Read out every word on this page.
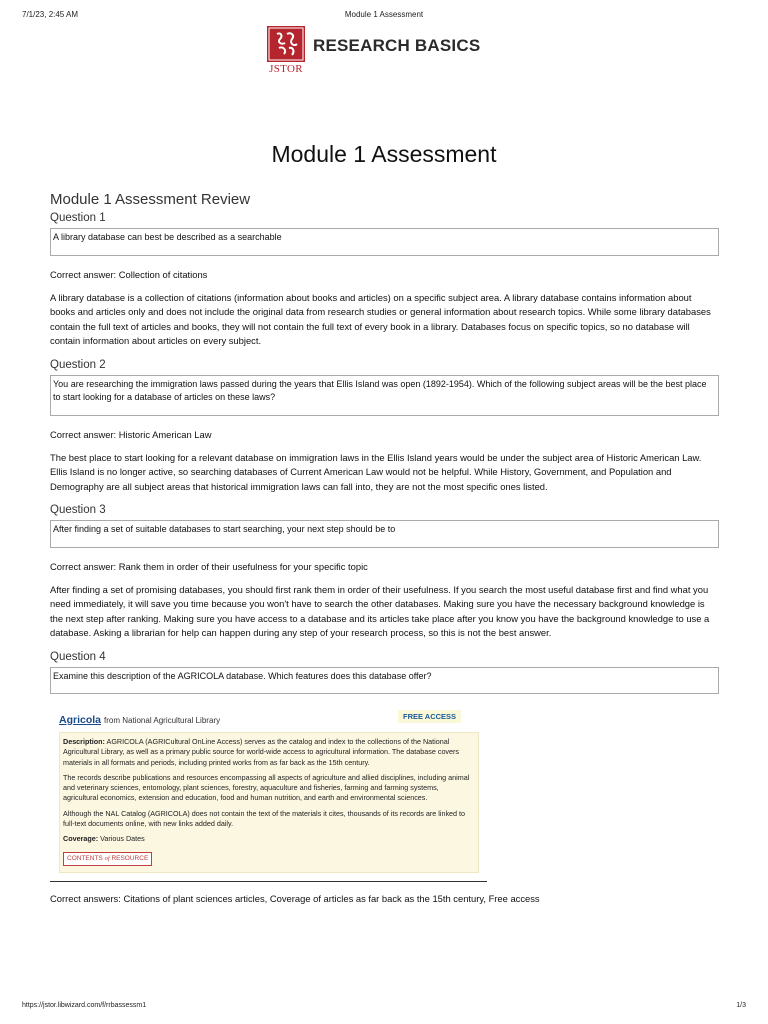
7/1/23, 2:45 AM	Module 1 Assessment
JSTOR
RESEARCH BASICS
Module 1 Assessment
Module 1 Assessment Review
Question 1
A library database can best be described as a searchable
Correct answer: Collection of citations
A library database is a collection of citations (information about books and articles) on a specific subject area. A library database contains information about books and articles only and does not include the original data from research studies or general information about research topics. While some library databases contain the full text of articles and books, they will not contain the full text of every book in a library. Databases focus on specific topics, so no database will contain information about articles on every subject.
Question 2
You are researching the immigration laws passed during the years that Ellis Island was open (1892-1954). Which of the following subject areas will be the best place to start looking for a database of articles on these laws?
Correct answer: Historic American Law
The best place to start looking for a relevant database on immigration laws in the Ellis Island years would be under the subject area of Historic American Law. Ellis Island is no longer active, so searching databases of Current American Law would not be helpful. While History, Government, and Population and Demography are all subject areas that historical immigration laws can fall into, they are not the most specific ones listed.
Question 3
After finding a set of suitable databases to start searching, your next step should be to
Correct answer: Rank them in order of their usefulness for your specific topic
After finding a set of promising databases, you should first rank them in order of their usefulness. If you search the most useful database first and find what you need immediately, it will save you time because you won't have to search the other databases. Making sure you have the necessary background knowledge is the next step after ranking. Making sure you have access to a database and its articles take place after you know you have the background knowledge to use a database. Asking a librarian for help can happen during any step of your research process, so this is not the best answer.
Question 4
Examine this description of the AGRICOLA database. Which features does this database offer?
Agricola from National Agricultural Library	FREE ACCESS

Description: AGRICOLA (AGRICultural OnLine Access) serves as the catalog and index to the collections of the National Agricultural Library, as well as a primary public source for world-wide access to agricultural information. The database covers materials in all formats and periods, including printed works from as far back as the 15th century.

The records describe publications and resources encompassing all aspects of agriculture and allied disciplines, including animal and veterinary sciences, entomology, plant sciences, forestry, aquaculture and fisheries, farming and farming systems, agricultural economics, extension and education, food and human nutrition, and earth and environmental sciences.

Although the NAL Catalog (AGRICOLA) does not contain the text of the materials it cites, thousands of its records are linked to full-text documents online, with new links added daily.

Coverage: Various Dates

CONTENTS of RESOURCE
Correct answers: Citations of plant sciences articles, Coverage of articles as far back as the 15th century, Free access
https://jstor.libwizard.com/f/rrbassessm1	1/3
